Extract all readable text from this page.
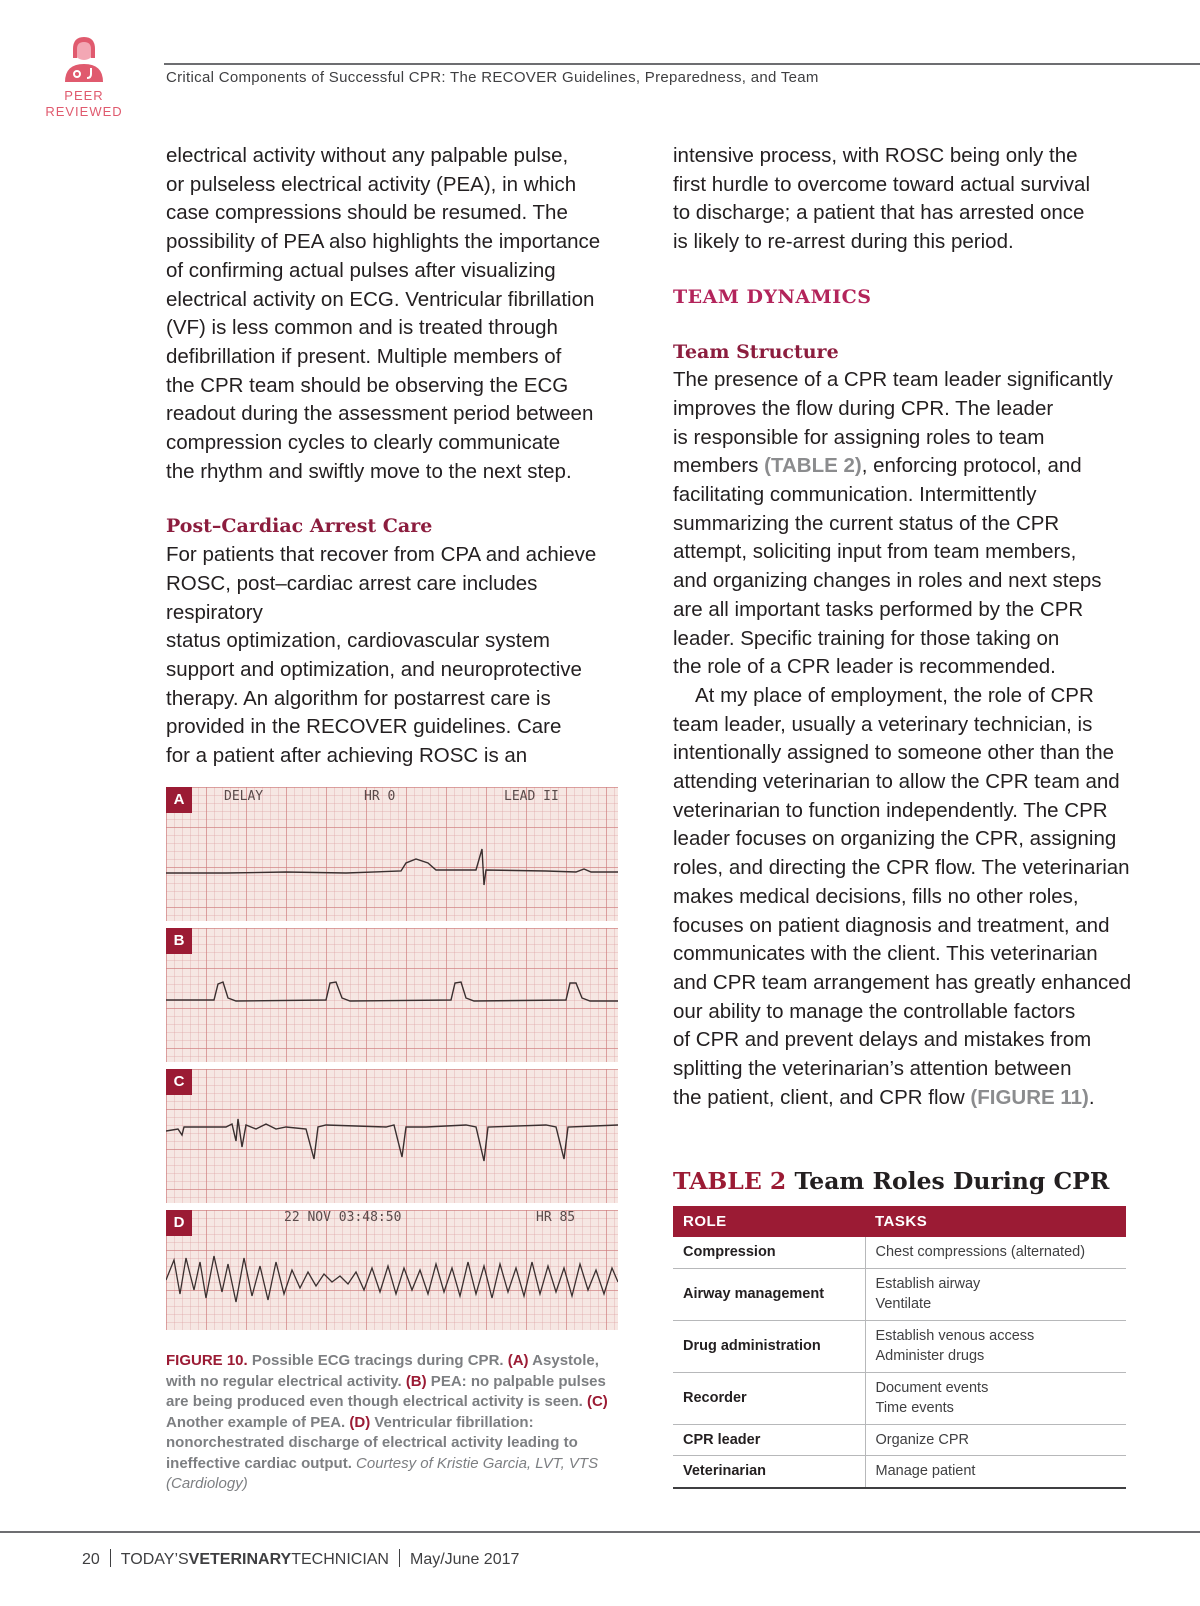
PEER
REVIEWED
Critical Components of Successful CPR: The RECOVER Guidelines, Preparedness, and Team

electrical activity without any palpable pulse,
or pulseless electrical activity (PEA), in which
case compressions should be resumed. The
possibility of PEA also highlights the importance
of confirming actual pulses after visualizing
electrical activity on ECG. Ventricular fibrillation
(VF) is less common and is treated through
defibrillation if present. Multiple members of
the CPR team should be observing the ECG
readout during the assessment period between
compression cycles to clearly communicate
the rhythm and swiftly move to the next step.

Post–Cardiac Arrest Care

For patients that recover from CPA and achieve
ROSC, post–cardiac arrest care includes respiratory
status optimization, cardiovascular system
support and optimization, and neuroprotective
therapy. An algorithm for postarrest care is
provided in the RECOVER guidelines. Care
for a patient after achieving ROSC is an

intensive process, with ROSC being only the
first hurdle to overcome toward actual survival
to discharge; a patient that has arrested once
is likely to re-arrest during this period.

TEAM DYNAMICS
Team Structure

The presence of a CPR team leader significantly
improves the flow during CPR. The leader
is responsible for assigning roles to team
members (TABLE 2), enforcing protocol, and
facilitating communication. Intermittently
summarizing the current status of the CPR
attempt, soliciting input from team members,
and organizing changes in roles and next steps
are all important tasks performed by the CPR
leader. Specific training for those taking on
the role of a CPR leader is recommended.

At my place of employment, the role of CPR
team leader, usually a veterinary technician, is
intentionally assigned to someone other than the
attending veterinarian to allow the CPR team and
veterinarian to function independently. The CPR
leader focuses on organizing the CPR, assigning
roles, and directing the CPR flow. The veterinarian
makes medical decisions, fills no other roles,
focuses on patient diagnosis and treatment, and
communicates with the client. This veterinarian
and CPR team arrangement has greatly enhanced
our ability to manage the controllable factors
of CPR and prevent delays and mistakes from
splitting the veterinarian’s attention between
the patient, client, and CPR flow (FIGURE 11).

A	DELAY	HR 0	LEAD II
B
C
D	22 NOV 03:48:50	HR 85
FIGURE 10. Possible ECG tracings during CPR. (A) Asystole, with no regular electrical activity. (B) PEA: no palpable pulses are being produced even though electrical activity is seen. (C) Another example of PEA. (D) Ventricular fibrillation: nonorchestrated discharge of electrical activity leading to ineffective cardiac output. Courtesy of Kristie Garcia, LVT, VTS (Cardiology)
TABLE 2 Team Roles During CPR
ROLE	TASKS
Compression	Chest compressions (alternated)
Airway management	Establish airway
Ventilate
Drug administration	Establish venous access
Administer drugs
Recorder	Document events
Time events
CPR leader	Organize CPR
Veterinarian	Manage patient
20 TODAY’SVETERINARYTECHNICIAN May/June 2017
